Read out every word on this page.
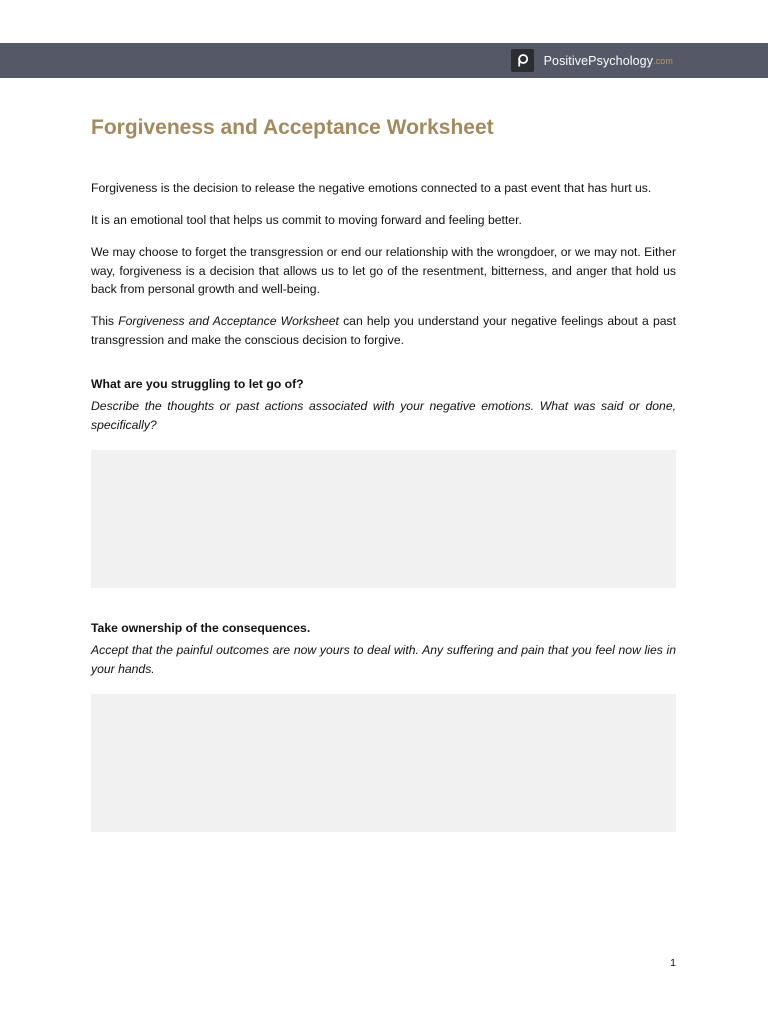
PositivePsychology .com
Forgiveness and Acceptance Worksheet

Forgiveness is the decision to release the negative emotions connected to a past event that has hurt us.

It is an emotional tool that helps us commit to moving forward and feeling better.

We may choose to forget the transgression or end our relationship with the wrongdoer, or we may not. Either way, forgiveness is a decision that allows us to let go of the resentment, bitterness, and anger that hold us back from personal growth and well-being.

This Forgiveness and Acceptance Worksheet can help you understand your negative feelings about a past transgression and make the conscious decision to forgive.

What are you struggling to let go of?

Describe the thoughts or past actions associated with your negative emotions. What was said or done, specifically?

Take ownership of the consequences.

Accept that the painful outcomes are now yours to deal with. Any suffering and pain that you feel now lies in your hands.

1
